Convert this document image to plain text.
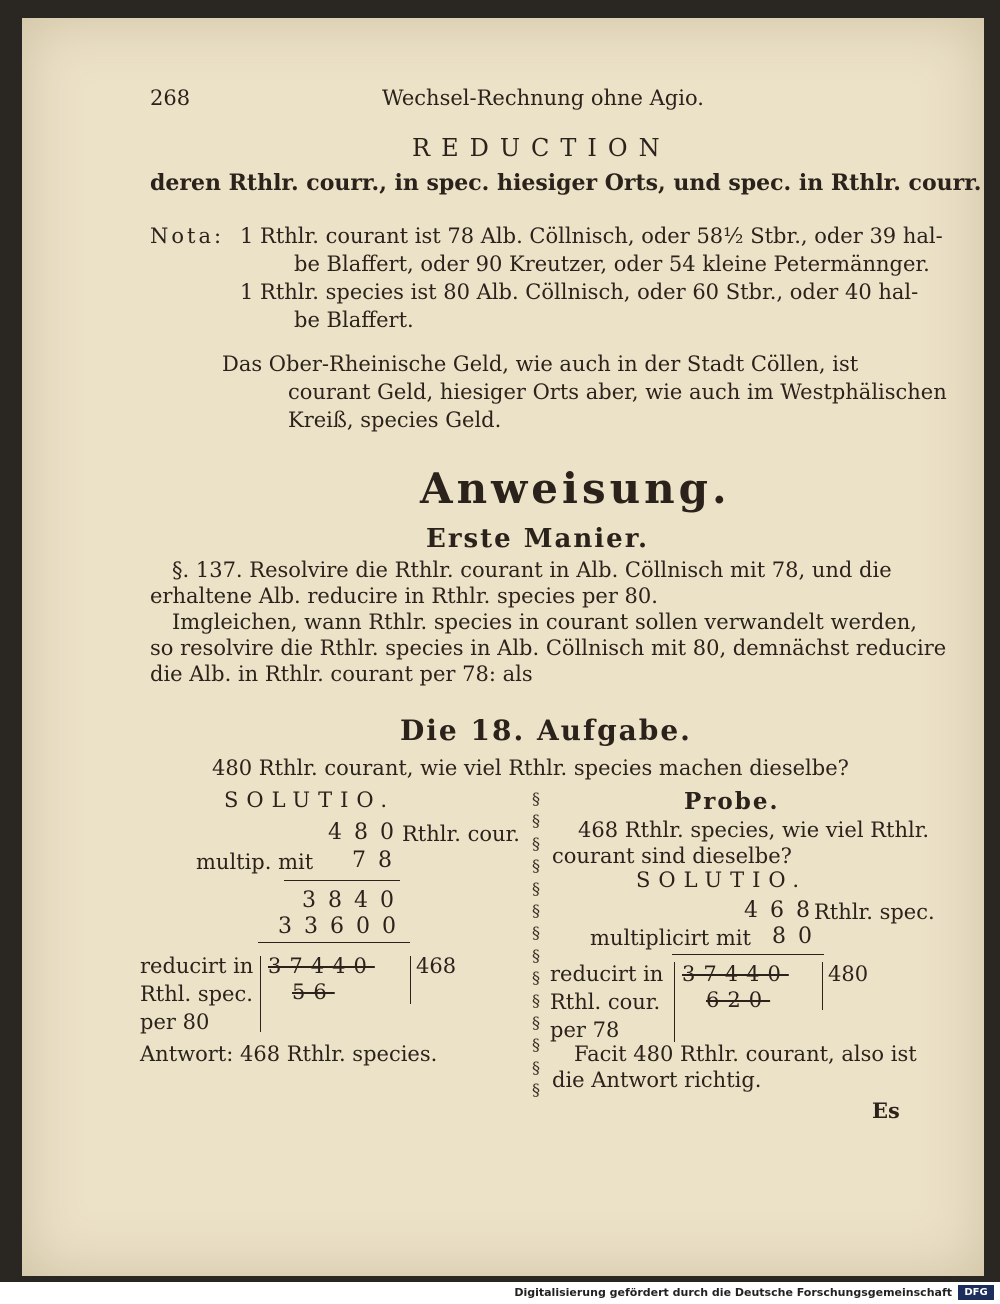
268	Wechsel-Rechnung ohne Agio.
REDUCTION
deren Rthlr. courr., in spec. hiesiger Orts, und spec. in Rthlr. courr.
Nota: 1 Rthlr. courant ist 78 Alb. Cöllnisch, oder 58½ Stbr., oder 39 hal-
be Blaffert, oder 90 Kreutzer, oder 54 kleine Petermännger.
1 Rthlr. species ist 80 Alb. Cöllnisch, oder 60 Stbr., oder 40 hal-
be Blaffert.
Das Ober-Rheinische Geld, wie auch in der Stadt Cöllen, ist
courant Geld, hiesiger Orts aber, wie auch im Westphälischen
Kreiß, species Geld.
Anweisung.
Erste Manier.
§. 137. Resolvire die Rthlr. courant in Alb. Cöllnisch mit 78, und die
erhaltene Alb. reducire in Rthlr. species per 80.
Imgleichen, wann Rthlr. species in courant sollen verwandelt werden,
so resolvire die Rthlr. species in Alb. Cöllnisch mit 80, demnächst reducire
die Alb. in Rthlr. courant per 78: als
Die 18. Aufgabe.
480 Rthlr. courant, wie viel Rthlr. species machen dieselbe?
SOLUTIO.
480
Rthlr. cour.
multip. mit 78
3840
33600
reducirt in
Rthl. spec.
per 80
37440
56
468
Antwort: 468 Rthlr. species.
§
§
§
§
§
§
§
§
§
§
§
§
§
§
Probe.
468 Rthlr. species, wie viel Rthlr.
courant sind dieselbe?
SOLUTIO.
468
Rthlr. spec.
multiplicirt mit 80
reducirt in
Rthl. cour.
per 78
37440
620
480
Facit 480 Rthlr. courant, also ist
die Antwort richtig.
Es
Digitalisierung gefördert durch die Deutsche Forschungsgemeinschaft	DFG
